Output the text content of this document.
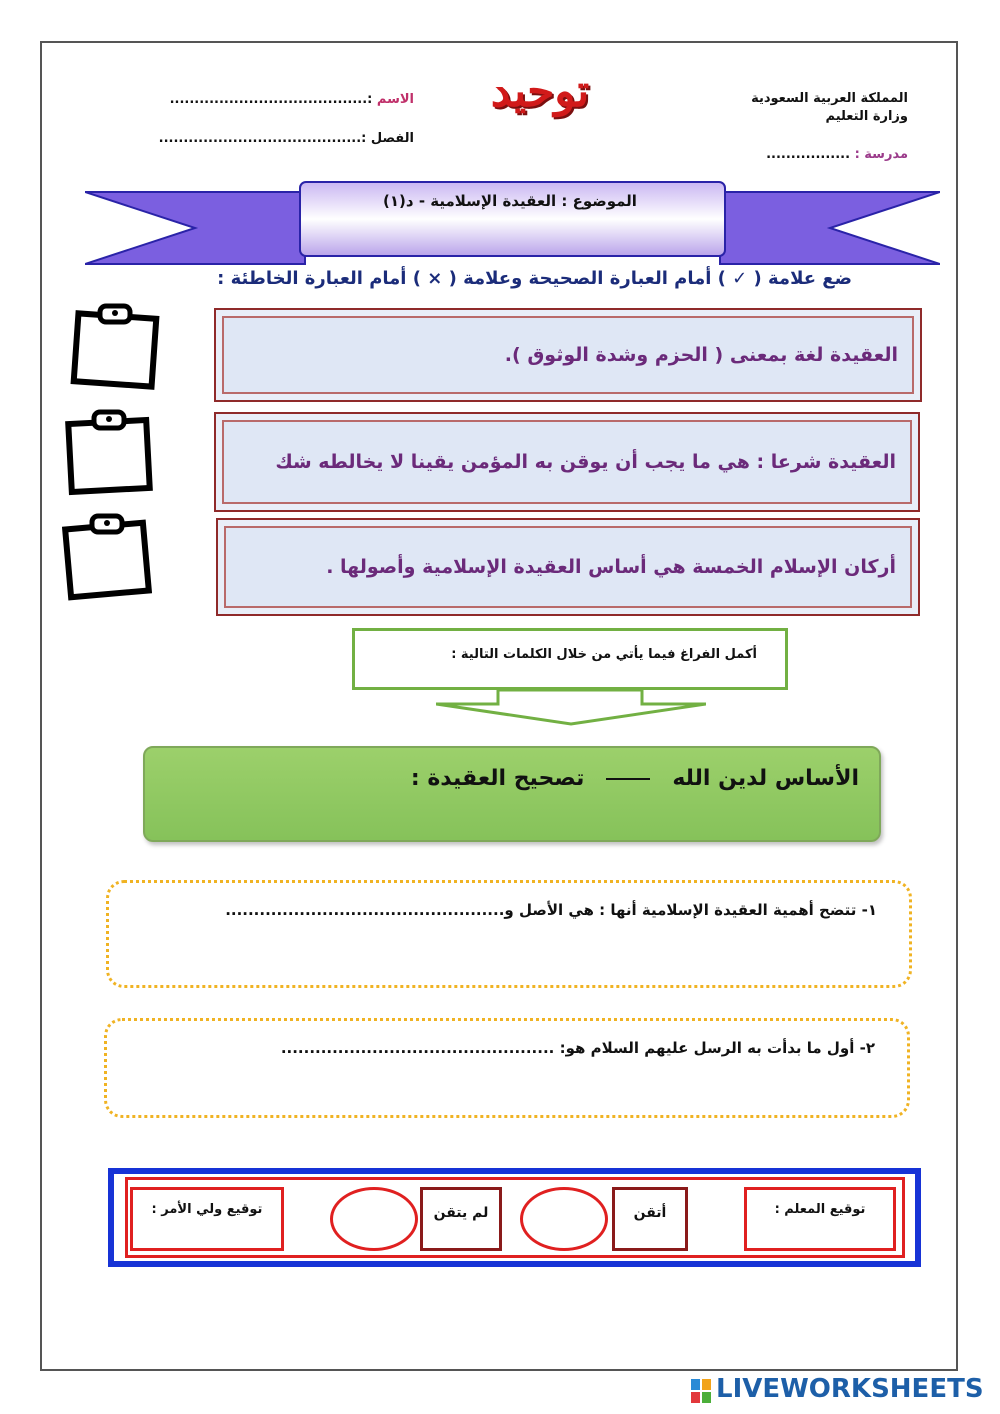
المملكة العربية السعودية
وزارة التعليم
مدرسة : .................
توحيد
الاسم :........................................
الفصل :.........................................
الموضوع : العقيدة الإسلامية - د(١)
ضع علامة ( ✓ ) أمام العبارة الصحيحة وعلامة ( × ) أمام العبارة الخاطئة :
العقيدة لغة بمعنى ( الحزم وشدة الوثوق ).
العقيدة شرعا : هي ما يجب أن يوقن به المؤمن يقينا لا يخالطه شك
أركان الإسلام الخمسة هي أساس العقيدة الإسلامية وأصولها .
أكمل الفراغ فيما يأتي من خلال الكلمات التالية :
الأساس لدين اللهتصحيح العقيدة :
١- تتضح أهمية العقيدة الإسلامية أنها : هي الأصل و.................................................
٢- أول ما بدأت به الرسل عليهم السلام هو: ................................................
توقيع المعلم :
أتقن
لم يتقن
توقيع ولي الأمر :
LIVEWORKSHEETS
